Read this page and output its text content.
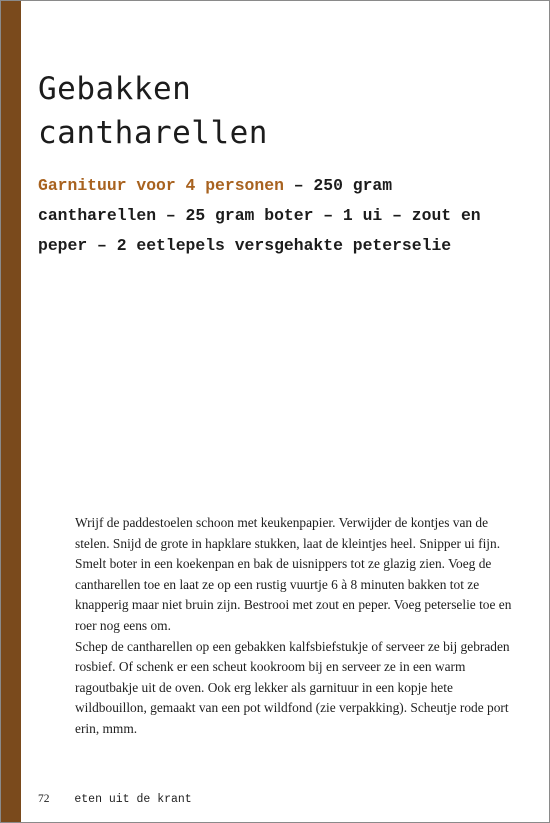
Gebakken
cantharellen

Garnituur voor 4 personen – 250 gram cantharellen – 25 gram boter – 1 ui – zout en peper – 2 eetlepels versgehakte peterselie

Wrijf de paddestoelen schoon met keukenpapier. Verwijder de kontjes van de stelen. Snijd de grote in hapklare stukken, laat de kleintjes heel. Snipper ui fijn. Smelt boter in een koekenpan en bak de uisnippers tot ze glazig zien. Voeg de cantharellen toe en laat ze op een rustig vuurtje 6 à 8 minuten bakken tot ze knapperig maar niet bruin zijn. Bestrooi met zout en peper. Voeg peterselie toe en roer nog eens om.

Schep de cantharellen op een gebakken kalfsbiefstukje of serveer ze bij gebraden rosbief. Of schenk er een scheut kookroom bij en serveer ze in een warm ragoutbakje uit de oven. Ook erg lekker als garnituur in een kopje hete wildbouillon, gemaakt van een pot wildfond (zie verpakking). Scheutje rode port erin, mmm.

72 eten uit de krant
